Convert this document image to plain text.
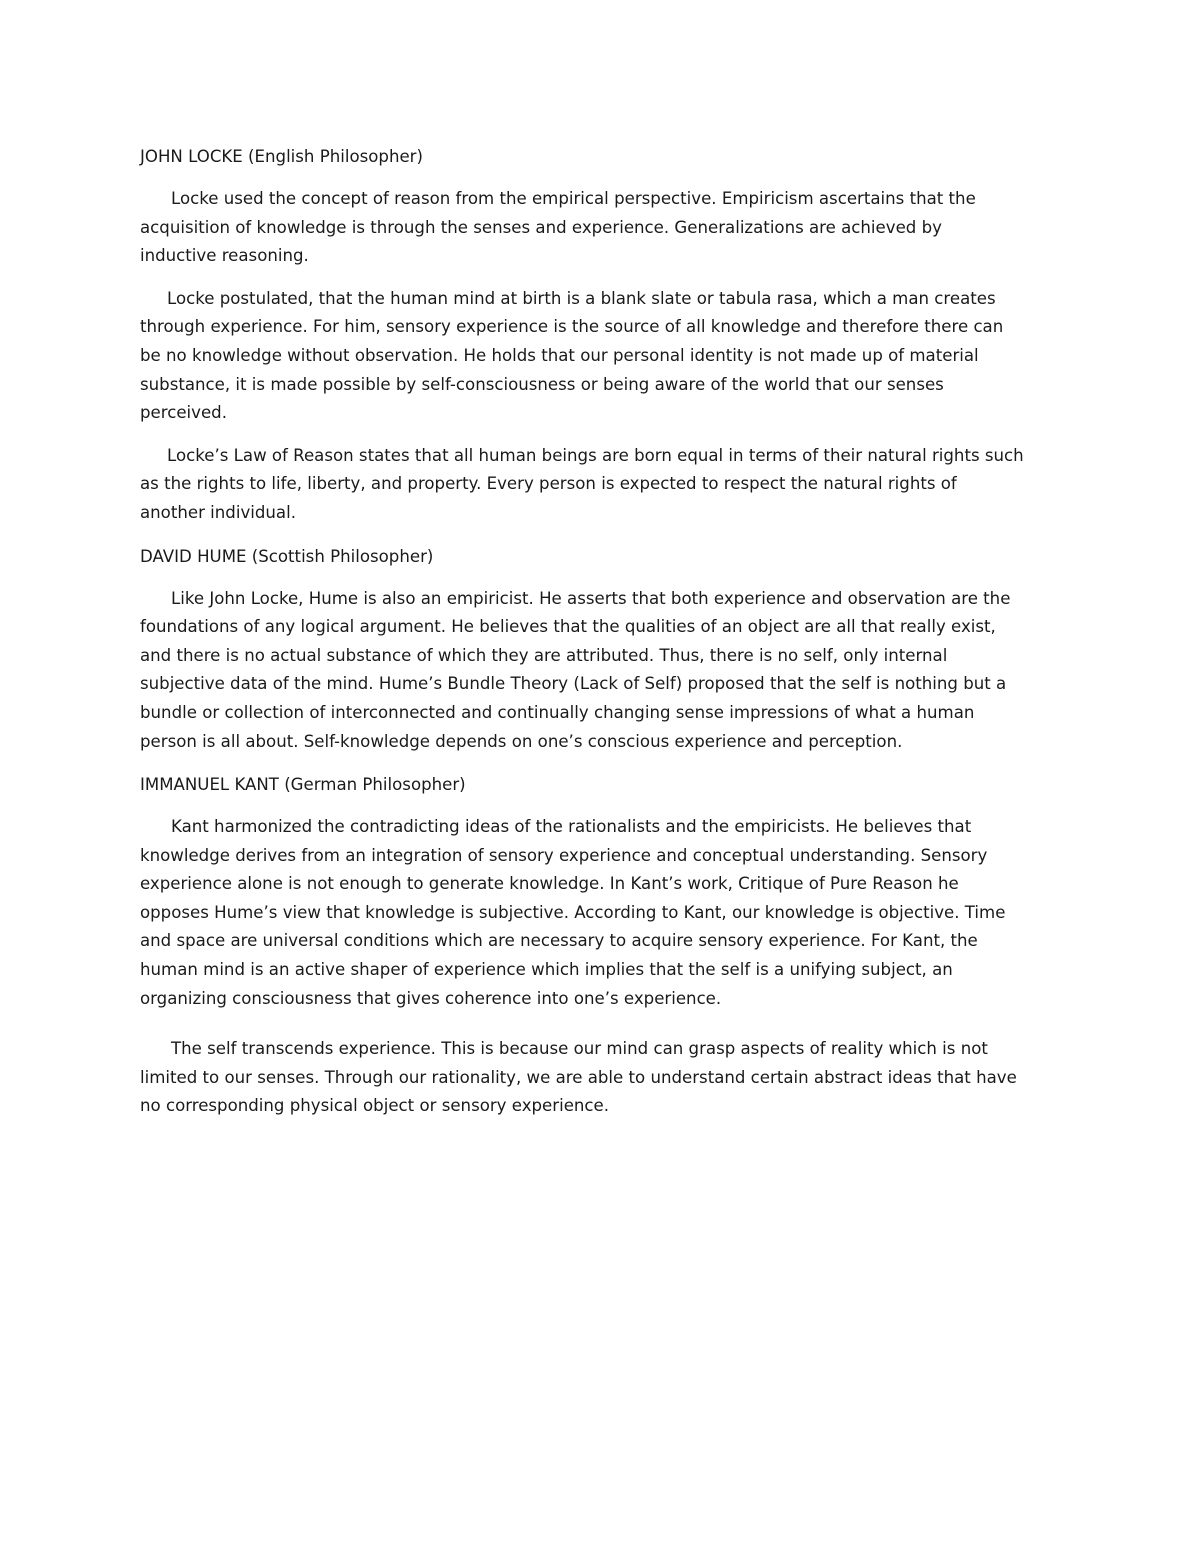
JOHN LOCKE (English Philosopher)
Locke used the concept of reason from the empirical perspective. Empiricism ascertains that the
acquisition of knowledge is through the senses and experience. Generalizations are achieved by
inductive reasoning.
Locke postulated, that the human mind at birth is a blank slate or tabula rasa, which a man creates
through experience. For him, sensory experience is the source of all knowledge and therefore there can
be no knowledge without observation. He holds that our personal identity is not made up of material
substance, it is made possible by self-consciousness or being aware of the world that our senses
perceived.
Locke’s Law of Reason states that all human beings are born equal in terms of their natural rights such
as the rights to life, liberty, and property. Every person is expected to respect the natural rights of
another individual.
DAVID HUME (Scottish Philosopher)
Like John Locke, Hume is also an empiricist. He asserts that both experience and observation are the
foundations of any logical argument. He believes that the qualities of an object are all that really exist,
and there is no actual substance of which they are attributed. Thus, there is no self, only internal
subjective data of the mind. Hume’s Bundle Theory (Lack of Self) proposed that the self is nothing but a
bundle or collection of interconnected and continually changing sense impressions of what a human
person is all about. Self-knowledge depends on one’s conscious experience and perception.
IMMANUEL KANT (German Philosopher)
Kant harmonized the contradicting ideas of the rationalists and the empiricists. He believes that
knowledge derives from an integration of sensory experience and conceptual understanding. Sensory
experience alone is not enough to generate knowledge. In Kant’s work, Critique of Pure Reason he
opposes Hume’s view that knowledge is subjective. According to Kant, our knowledge is objective. Time
and space are universal conditions which are necessary to acquire sensory experience. For Kant, the
human mind is an active shaper of experience which implies that the self is a unifying subject, an
organizing consciousness that gives coherence into one’s experience.
The self transcends experience. This is because our mind can grasp aspects of reality which is not
limited to our senses. Through our rationality, we are able to understand certain abstract ideas that have
no corresponding physical object or sensory experience.
